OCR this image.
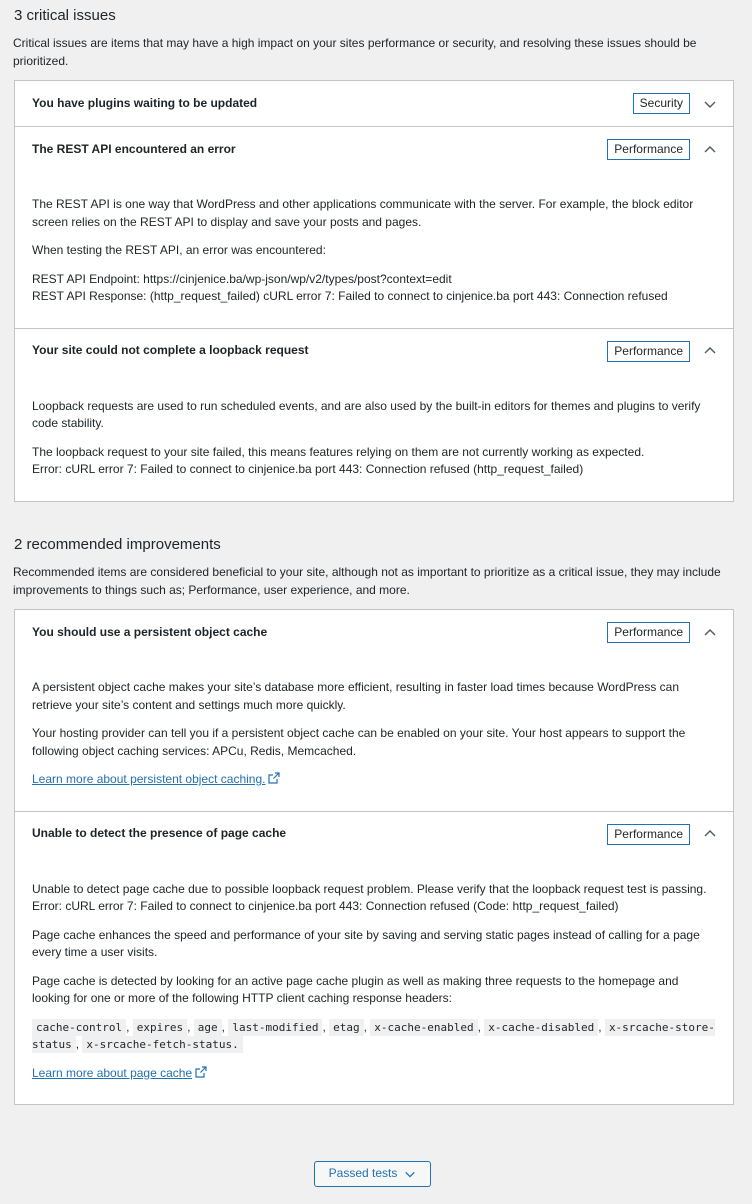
3 critical issues

Critical issues are items that may have a high impact on your sites performance or security, and resolving these issues should be prioritized.

You have plugins waiting to be updated	Security
The REST API encountered an error	Performance

The REST API is one way that WordPress and other applications communicate with the server. For example, the block editor screen relies on the REST API to display and save your posts and pages.

When testing the REST API, an error was encountered:

REST API Endpoint: https://cinjenice.ba/wp-json/wp/v2/types/post?context=edit
REST API Response: (http_request_failed) cURL error 7: Failed to connect to cinjenice.ba port 443: Connection refused

Your site could not complete a loopback request	Performance

Loopback requests are used to run scheduled events, and are also used by the built-in editors for themes and plugins to verify code stability.

The loopback request to your site failed, this means features relying on them are not currently working as expected.
Error: cURL error 7: Failed to connect to cinjenice.ba port 443: Connection refused (http_request_failed)

2 recommended improvements

Recommended items are considered beneficial to your site, although not as important to prioritize as a critical issue, they may include improvements to things such as; Performance, user experience, and more.

You should use a persistent object cache	Performance

A persistent object cache makes your site’s database more efficient, resulting in faster load times because WordPress can retrieve your site’s content and settings much more quickly.

Your hosting provider can tell you if a persistent object cache can be enabled on your site. Your host appears to support the following object caching services: APCu, Redis, Memcached.

Learn more about persistent object caching.

Unable to detect the presence of page cache	Performance

Unable to detect page cache due to possible loopback request problem. Please verify that the loopback request test is passing.
Error: cURL error 7: Failed to connect to cinjenice.ba port 443: Connection refused (Code: http_request_failed)

Page cache enhances the speed and performance of your site by saving and serving static pages instead of calling for a page every time a user visits.

Page cache is detected by looking for an active page cache plugin as well as making three requests to the homepage and looking for one or more of the following HTTP client caching response headers:

cache-control , expires , age , last-modified , etag , x-cache-enabled , x-cache-disabled , x-srcache-store-status , x-srcache-fetch-status.

Learn more about page cache

Passed tests
